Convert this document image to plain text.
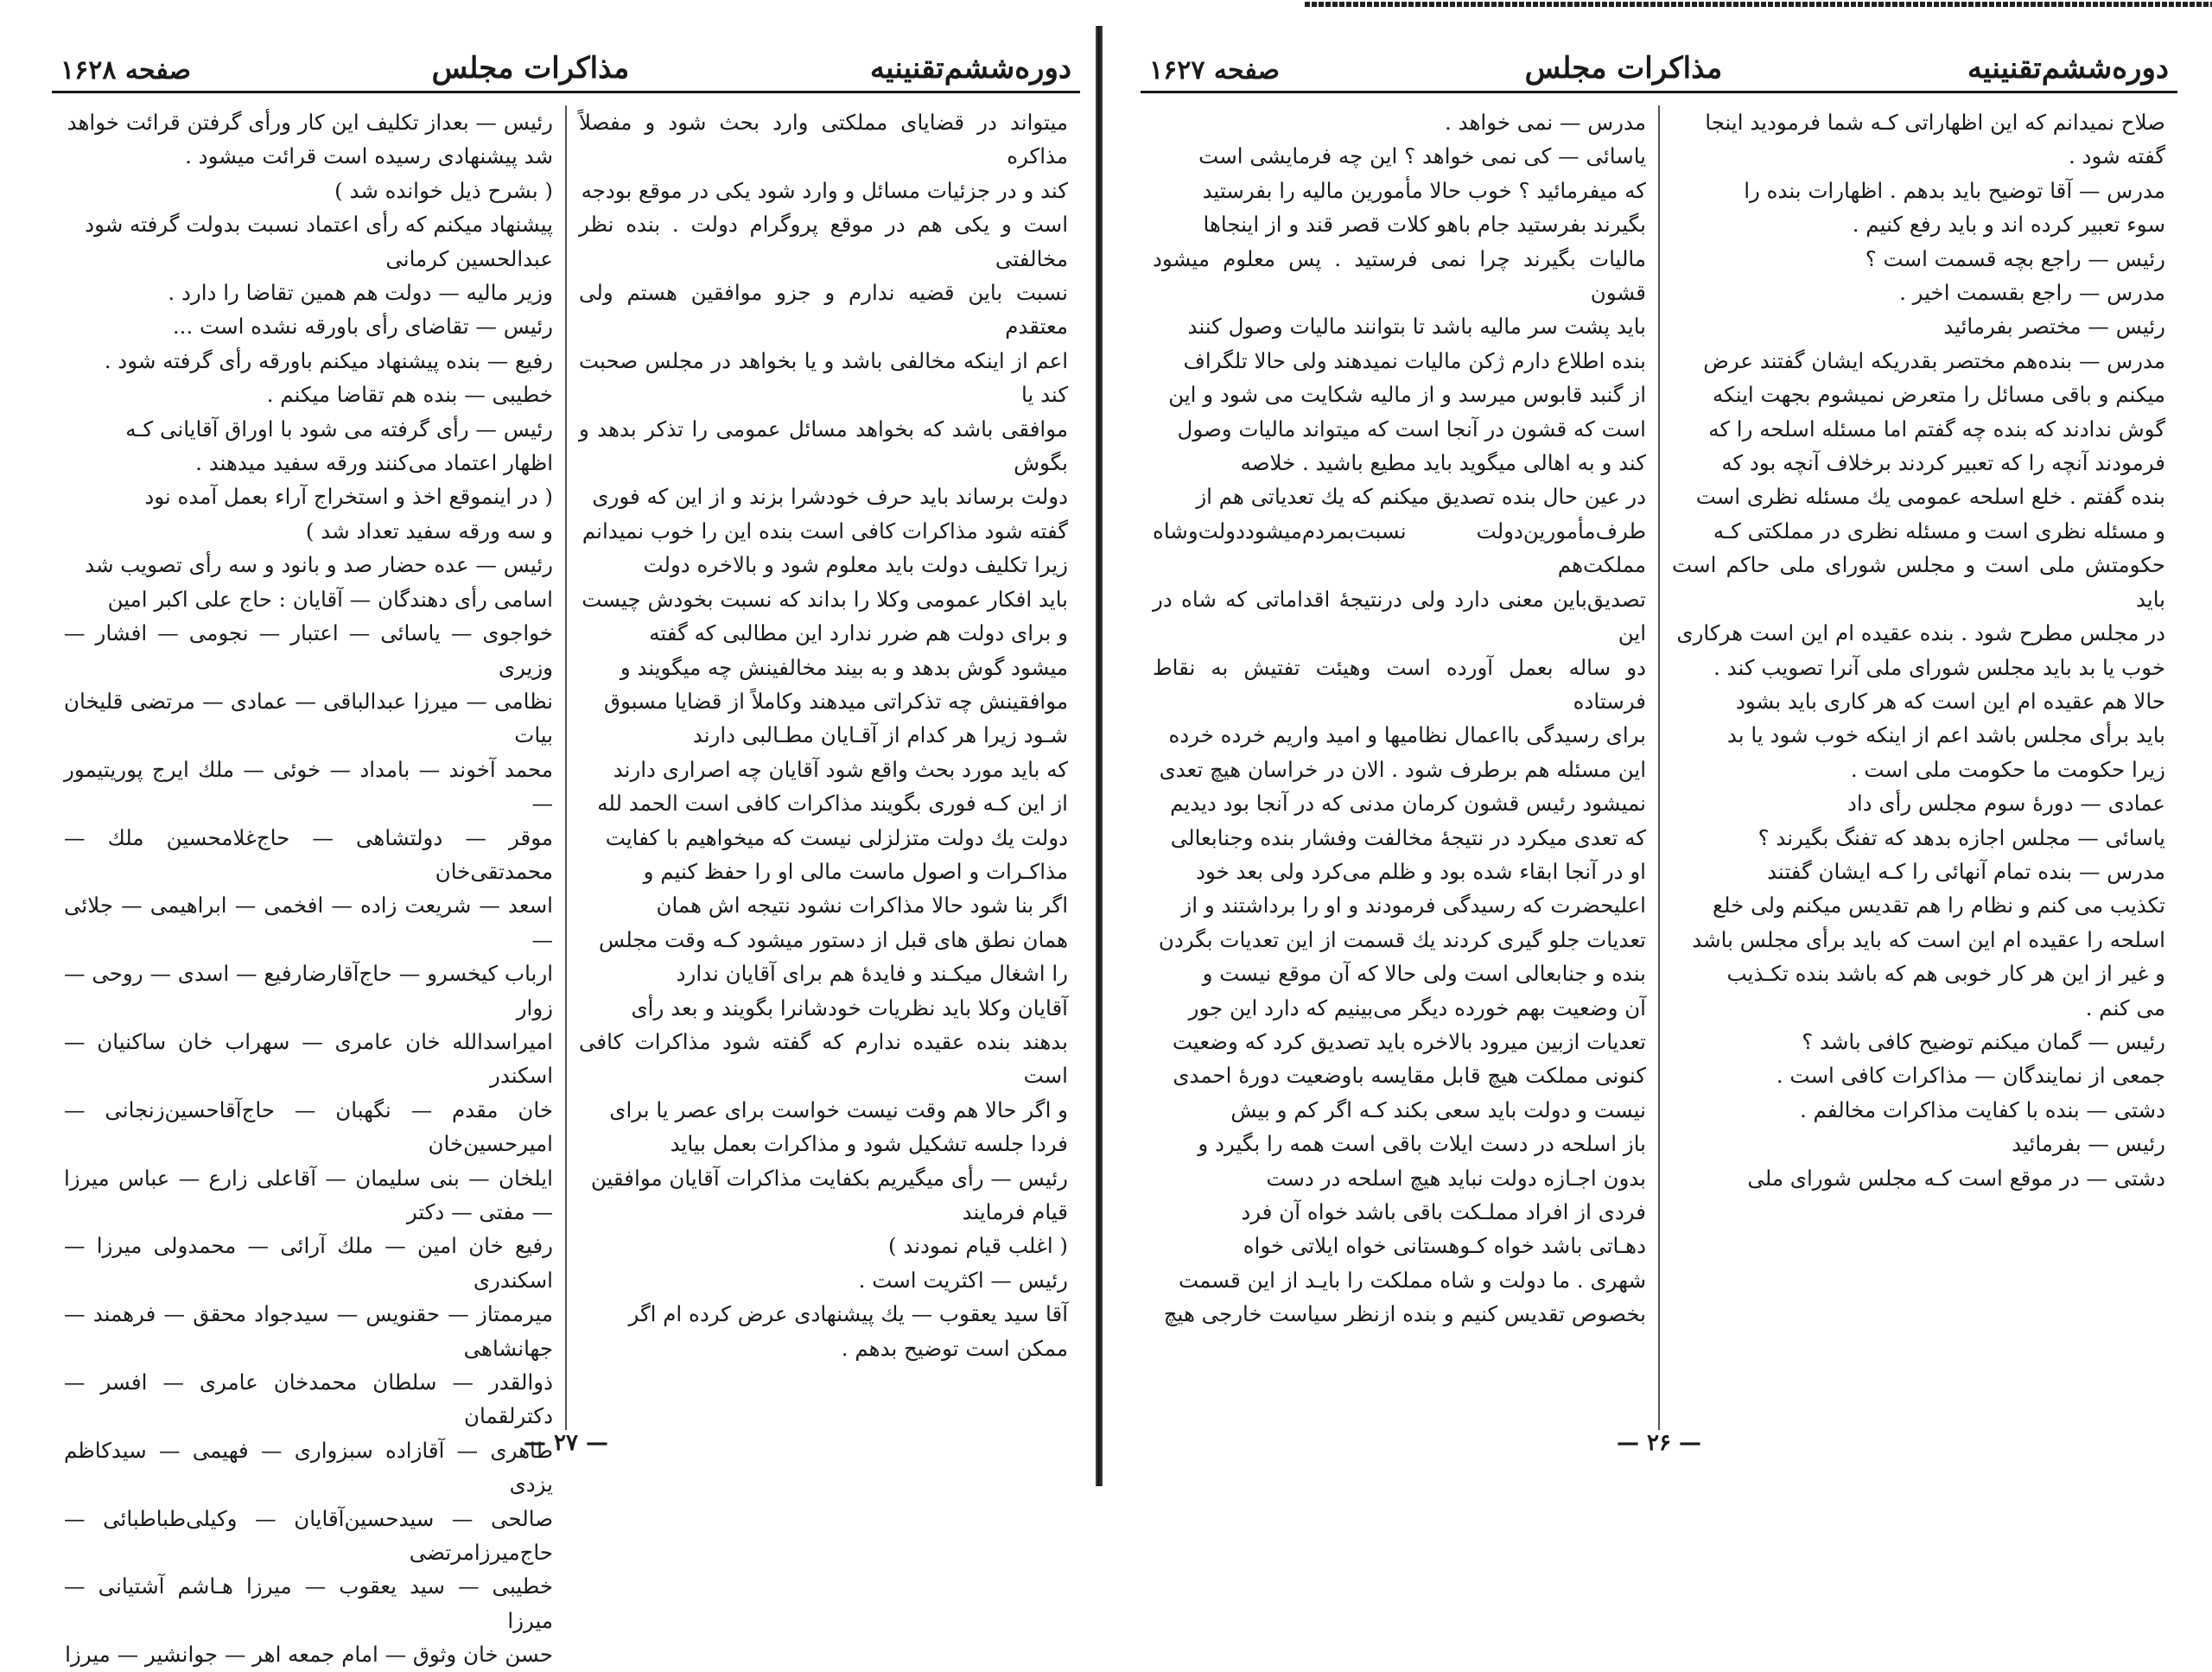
دوره‌ششم‌تقنینیه
مذاکرات مجلس
صفحه ۱۶۲۸

میتواند در قضایای مملکتی وارد بحث شود و مفصلاً مذاکره

کند و در جزئیات مسائل و وارد شود یکی در موقع بودجه

است و یکی هم در موقع پروگرام دولت . بنده نظر مخالفتی

نسبت باین قضیه ندارم و جزو موافقین هستم ولی معتقدم

اعم از اینکه مخالفی باشد و یا بخواهد در مجلس صحبت کند یا

موافقی باشد که بخواهد مسائل عمومی را تذکر بدهد و بگوش

دولت برساند باید حرف خودشرا بزند و از این که فوری

گفته شود مذاکرات کافی است بنده این را خوب نمیدانم

زیرا تکلیف دولت باید معلوم شود و بالاخره دولت

باید افکار عمومی وکلا را بداند که نسبت بخودش چیست

و برای دولت هم ضرر ندارد این مطالبی که گفته

میشود گوش بدهد و به بیند مخالفینش چه میگویند و

موافقینش چه تذکراتی میدهند وکاملاً از قضایا مسبوق

شـود زیرا هر کدام از آقـایان مطـالبی دارند

که باید مورد بحث واقع شود آقایان چه اصراری دارند

از این کـه فوری بگویند مذاکرات کافی است الحمد لله

دولت یك دولت متزلزلی نیست که میخواهیم با کفایت

مذاکـرات و اصول ماست مالی او را حفظ کنیم و

اگر بنا شود حالا مذاکرات نشود نتیجه اش همان

همان نطق های قبل از دستور میشود کـه وقت مجلس

را اشغال میکـند و فایدهٔ هم برای آقایان ندارد

آقایان وکلا باید نظریات خودشانرا بگویند و بعد رأی

بدهند بنده عقیده ندارم که گفته شود مذاکرات کافی است

و اگر حالا هم وقت نیست خواست برای عصر یا برای

فردا جلسه تشکیل شود و مذاکرات بعمل بیاید

رئیس — رأی میگیریم بکفایت مذاکرات آقایان موافقین

قیام فرمایند

( اغلب قیام نمودند )

رئیس — اکثریت است .

آقا سید یعقوب — یك پیشنهادی عرض کرده ام اگر

ممکن است توضیح بدهم .

رئیس — بعداز تکلیف این کار ورأی گرفتن قرائت خواهد

شد پیشنهادی رسیده است قرائت میشود .

( بشرح ذیل خوانده شد )

پیشنهاد میکنم که رأی اعتماد نسبت بدولت گرفته شود

عبدالحسین کرمانی

وزیر مالیه — دولت هم همین تقاضا را دارد .

رئیس — تقاضای رأی باورقه نشده است ...

رفیع — بنده پیشنهاد میکنم باورقه رأی گرفته شود .

خطیبی — بنده هم تقاضا میکنم .

رئیس — رأی گرفته می شود با اوراق آقایانی کـه

اظهار اعتماد می‌کنند ورقه سفید میدهند .

( در اینموقع اخذ و استخراج آراء بعمل آمده نود

و سه ورقه سفید تعداد شد )

رئیس — عده حضار صد و بانود و سه رأی تصویب شد

اسامی رأی دهندگان — آقایان : حاج علی اکبر امین

خواجوی — یاسائی — اعتبار — نجومی — افشار — وزیری

نظامی — میرزا عبدالباقی — عمادی — مرتضی قلیخان بیات

محمد آخوند — بامداد — خوئی — ملك ایرج پوریتیمور —

موقر — دولتشاهی — حاج‌غلامحسین ملك — محمدتقی‌خان

اسعد — شریعت زاده — افخمی — ابراهیمی — جلائی —

ارباب کیخسرو — حاج‌آقارضارفیع — اسدی — روحی — زوار

امیراسدالله خان عامری — سهراب خان ساکنیان — اسکندر

خان مقدم — نگهبان — حاج‌آقاحسین‌زنجانی — امیرحسین‌خان

ایلخان — بنی سلیمان — آقاعلی زارع — عباس میرزا — مفتی — دکتر

رفیع خان امین — ملك آرائی — محمدولی میرزا — اسکندری

میرممتاز — حقنویس — سیدجواد محقق — فرهمند — جهانشاهی

ذوالقدر — سلطان محمدخان عامری — افسر — دکترلقمان

طاهری — آقازاده سبزواری — فهیمی — سیدکاظم یزدی

صالحی — سیدحسین‌آقایان — وکیلی‌طباطبائی — حاج‌میرزامرتضی

خطیبی — سید یعقوب — میرزا هـاشم آشتیانی — میرزا

حسن خان وثوق — امام جمعه اهر — جوانشیر — میرزا

— ۲۷ —
دوره‌ششم‌تقنینیه
مذاکرات مجلس
صفحه ۱۶۲۷

صلاح نمیدانم که این اظهاراتی کـه شما فرمودید اینجا

گفته شود .

مدرس — آقا توضیح باید بدهم . اظهارات بنده را

سوء تعبیر کرده اند و باید رفع کنیم .

رئیس — راجع بچه قسمت است ؟

مدرس — راجع بقسمت اخیر .

رئیس — مختصر بفرمائید

مدرس — بنده‌هم مختصر بقدریکه ایشان گفتند عرض

میکنم و باقی مسائل را متعرض نمیشوم بجهت اینکه

گوش ندادند که بنده چه گفتم اما مسئله اسلحه را که

فرمودند آنچه را که تعبیر کردند برخلاف آنچه بود که

بنده گفتم . خلع اسلحه عمومی یك مسئله نظری است

و مسئله نظری است و مسئله نظری در مملکتی کـه

حکومتش ملی است و مجلس شورای ملی حاکم است باید

در مجلس مطرح شود . بنده عقیده ام این است هرکاری

خوب یا بد باید مجلس شورای ملی آنرا تصویب کند .

حالا هم عقیده ام این است که هر کاری باید بشود

باید برأی مجلس باشد اعم از اینکه خوب شود یا بد

زیرا حکومت ما حکومت ملی است .

عمادی — دورهٔ سوم مجلس رأی داد

یاسائی — مجلس اجازه بدهد که تفنگ بگیرند ؟

مدرس — بنده تمام آنهائی را کـه ایشان گفتند

تکذیب می کنم و نظام را هم تقدیس میکنم ولی خلع

اسلحه را عقیده ام این است که باید برأی مجلس باشد

و غیر از این هر کار خوبی هم که باشد بنده تکـذیب

می کنم .

رئیس — گمان میکنم توضیح کافی باشد ؟

جمعی از نمایندگان — مذاکرات کافی است .

دشتی — بنده با کفایت مذاکرات مخالفم .

رئیس — بفرمائید

دشتی — در موقع است کـه مجلس شورای ملی

مدرس — نمی خواهد .

یاسائی — کی نمی خواهد ؟ این چه فرمایشی است

که میفرمائید ؟ خوب حالا مأمورین مالیه را بفرستید

بگیرند بفرستید جام باهو کلات قصر قند و از اینجاها

مالیات بگیرند چرا نمی فرستید . پس معلوم میشود قشون

باید پشت سر مالیه باشد تا بتوانند مالیات وصول کنند

بنده اطلاع دارم ژکن مالیات نمیدهند ولی حالا تلگراف

از گنبد قابوس میرسد و از مالیه شکایت می شود و این

است که قشون در آنجا است که میتواند مالیات وصول

کند و به اهالی میگوید باید مطیع باشید . خلاصه

در عین حال بنده تصدیق میکنم که یك تعدیاتی هم از

طرف‌مأمورین‌دولت نسبت‌بمردم‌میشود‌دولت‌وشاه مملکت‌هم

تصدیق‌باین معنی دارد ولی درنتیجهٔ اقداماتی که شاه در این

دو ساله بعمل آورده است وهیئت تفتیش به نقاط فرستاده

برای رسیدگی بااعمال نظامیها و امید واریم خرده خرده

این مسئله هم برطرف شود . الان در خراسان هیچ تعدی

نمیشود رئیس قشون کرمان مدنی که در آنجا بود دیدیم

که تعدی میکرد در نتیجهٔ مخالفت وفشار بنده وجنابعالی

او در آنجا ابقاء شده بود و ظلم می‌کرد ولی بعد خود

اعلیحضرت که رسیدگی فرمودند و او را برداشتند و از

تعدیات جلو گیری کردند یك قسمت از این تعدیات بگردن

بنده و جنابعالی است ولی حالا که آن موقع نیست و

آن وضعیت بهم خورده دیگر می‌بینیم که دارد این جور

تعدیات ازبین میرود بالاخره باید تصدیق کرد که وضعیت

کنونی مملکت هیچ قابل مقایسه باوضعیت دورهٔ احمدی

نیست و دولت باید سعی بکند کـه اگر کم و بیش

باز اسلحه در دست ایلات باقی است همه را بگیرد و

بدون اجـازه دولت نباید هیچ اسلحه در دست

فردی از افراد مملـکت باقی باشد خواه آن فرد

دهـاتی باشد خواه کـوهستانی خواه ایلاتی خواه

شهری . ما دولت و شاه مملکت را بایـد از این قسمت

بخصوص تقدیس کنیم و بنده ازنظر سیاست خارجی هیچ

— ۲۶ —
